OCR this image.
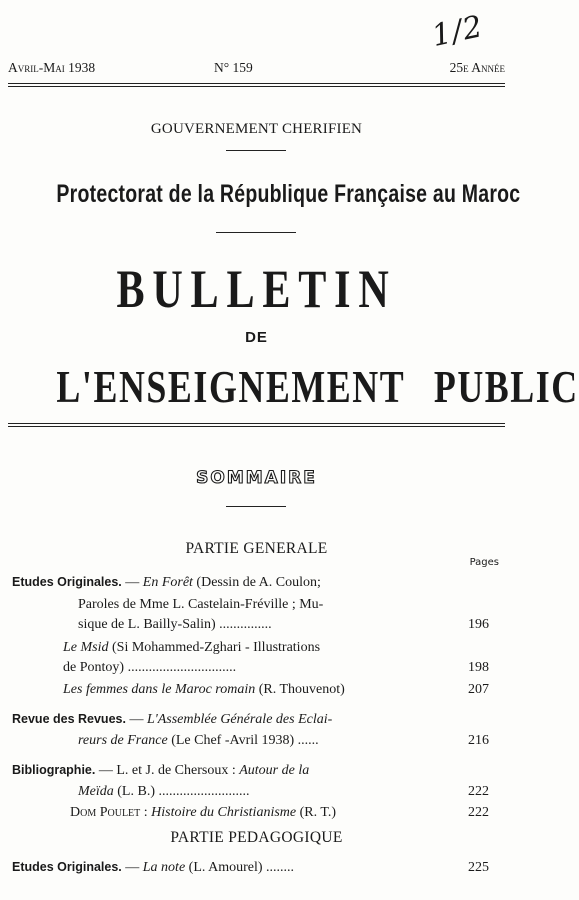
1/2
Avril-Mai 1938	N° 159	25e Année
GOUVERNEMENT CHERIFIEN
Protectorat de la République Française au Maroc
BULLETIN
DE
L'ENSEIGNEMENT PUBLIC
SOMMAIRE
PARTIE GENERALE
Pages
Etudes Originales. — En Forêt (Dessin de A. Coulon;
Paroles de Mme L. Castelain-Fréville ; Mu-
sique de L. Bailly-Salin) ...............	196
Le Msid (Si Mohammed-Zghari - Illustrations
de Pontoy) ...............................	198
Les femmes dans le Maroc romain (R. Thouvenot)	207
Revue des Revues. — L'Assemblée Générale des Eclai-
reurs de France (Le Chef -Avril 1938) ......	216
Bibliographie. — L. et J. de Chersoux : Autour de la
Meïda (L. B.) ..........................	222
Dom Poulet : Histoire du Christianisme (R. T.)	222
PARTIE PEDAGOGIQUE
Etudes Originales. — La note (L. Amourel) ........	225
